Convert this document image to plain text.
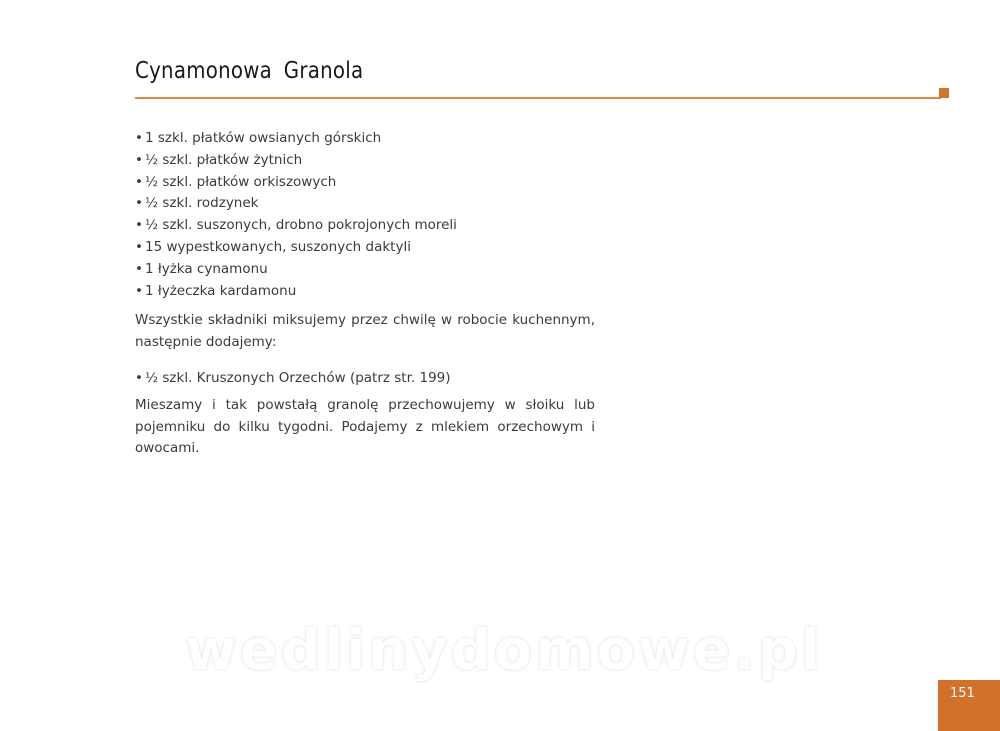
Cynamonowa Granola
• 1 szkl. płatków owsianych górskich
• ½ szkl. płatków żytnich
• ½ szkl. płatków orkiszowych
• ½ szkl. rodzynek
• ½ szkl. suszonych, drobno pokrojonych moreli
• 15 wypestkowanych, suszonych daktyli
• 1 łyżka cynamonu
• 1 łyżeczka kardamonu

Wszystkie składniki miksujemy przez chwilę w robocie kuchennym, następnie dodajemy:

• ½ szkl. Kruszonych Orzechów (patrz str. 199)

Mieszamy i tak powstałą granolę przechowujemy w słoiku lub pojemniku do kilku tygodni. Podajemy z mlekiem orzechowym i owocami.

wedlinydomowe.pl
151
